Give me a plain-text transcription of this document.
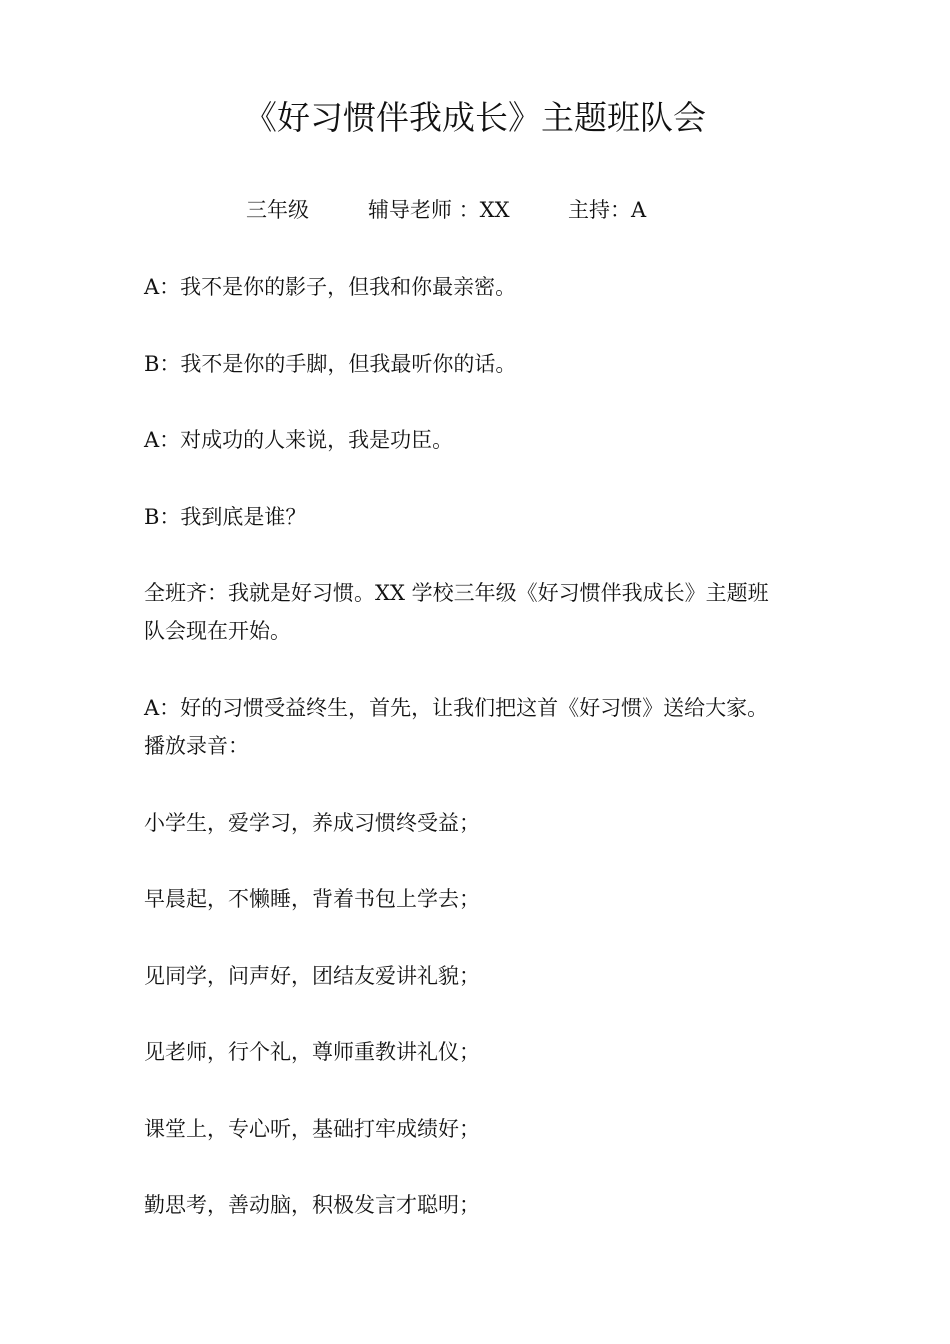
《好习惯伴我成长》主题班队会
三年级	辅导老师 ：XX	主持：A
A：我不是你的影子，但我和你最亲密。
B：我不是你的手脚，但我最听你的话。
A：对成功的人来说，我是功臣。
B：我到底是谁？
全班齐：我就是好习惯。XX 学校三年级《好习惯伴我成长》主题班
队会现在开始。
A：好的习惯受益终生，首先，让我们把这首《好习惯》送给大家。
播放录音：
小学生，爱学习，养成习惯终受益；
早晨起，不懒睡，背着书包上学去；
见同学，问声好，团结友爱讲礼貌；
见老师，行个礼，尊师重教讲礼仪；
课堂上，专心听，基础打牢成绩好；
勤思考，善动脑，积极发言才聪明；
